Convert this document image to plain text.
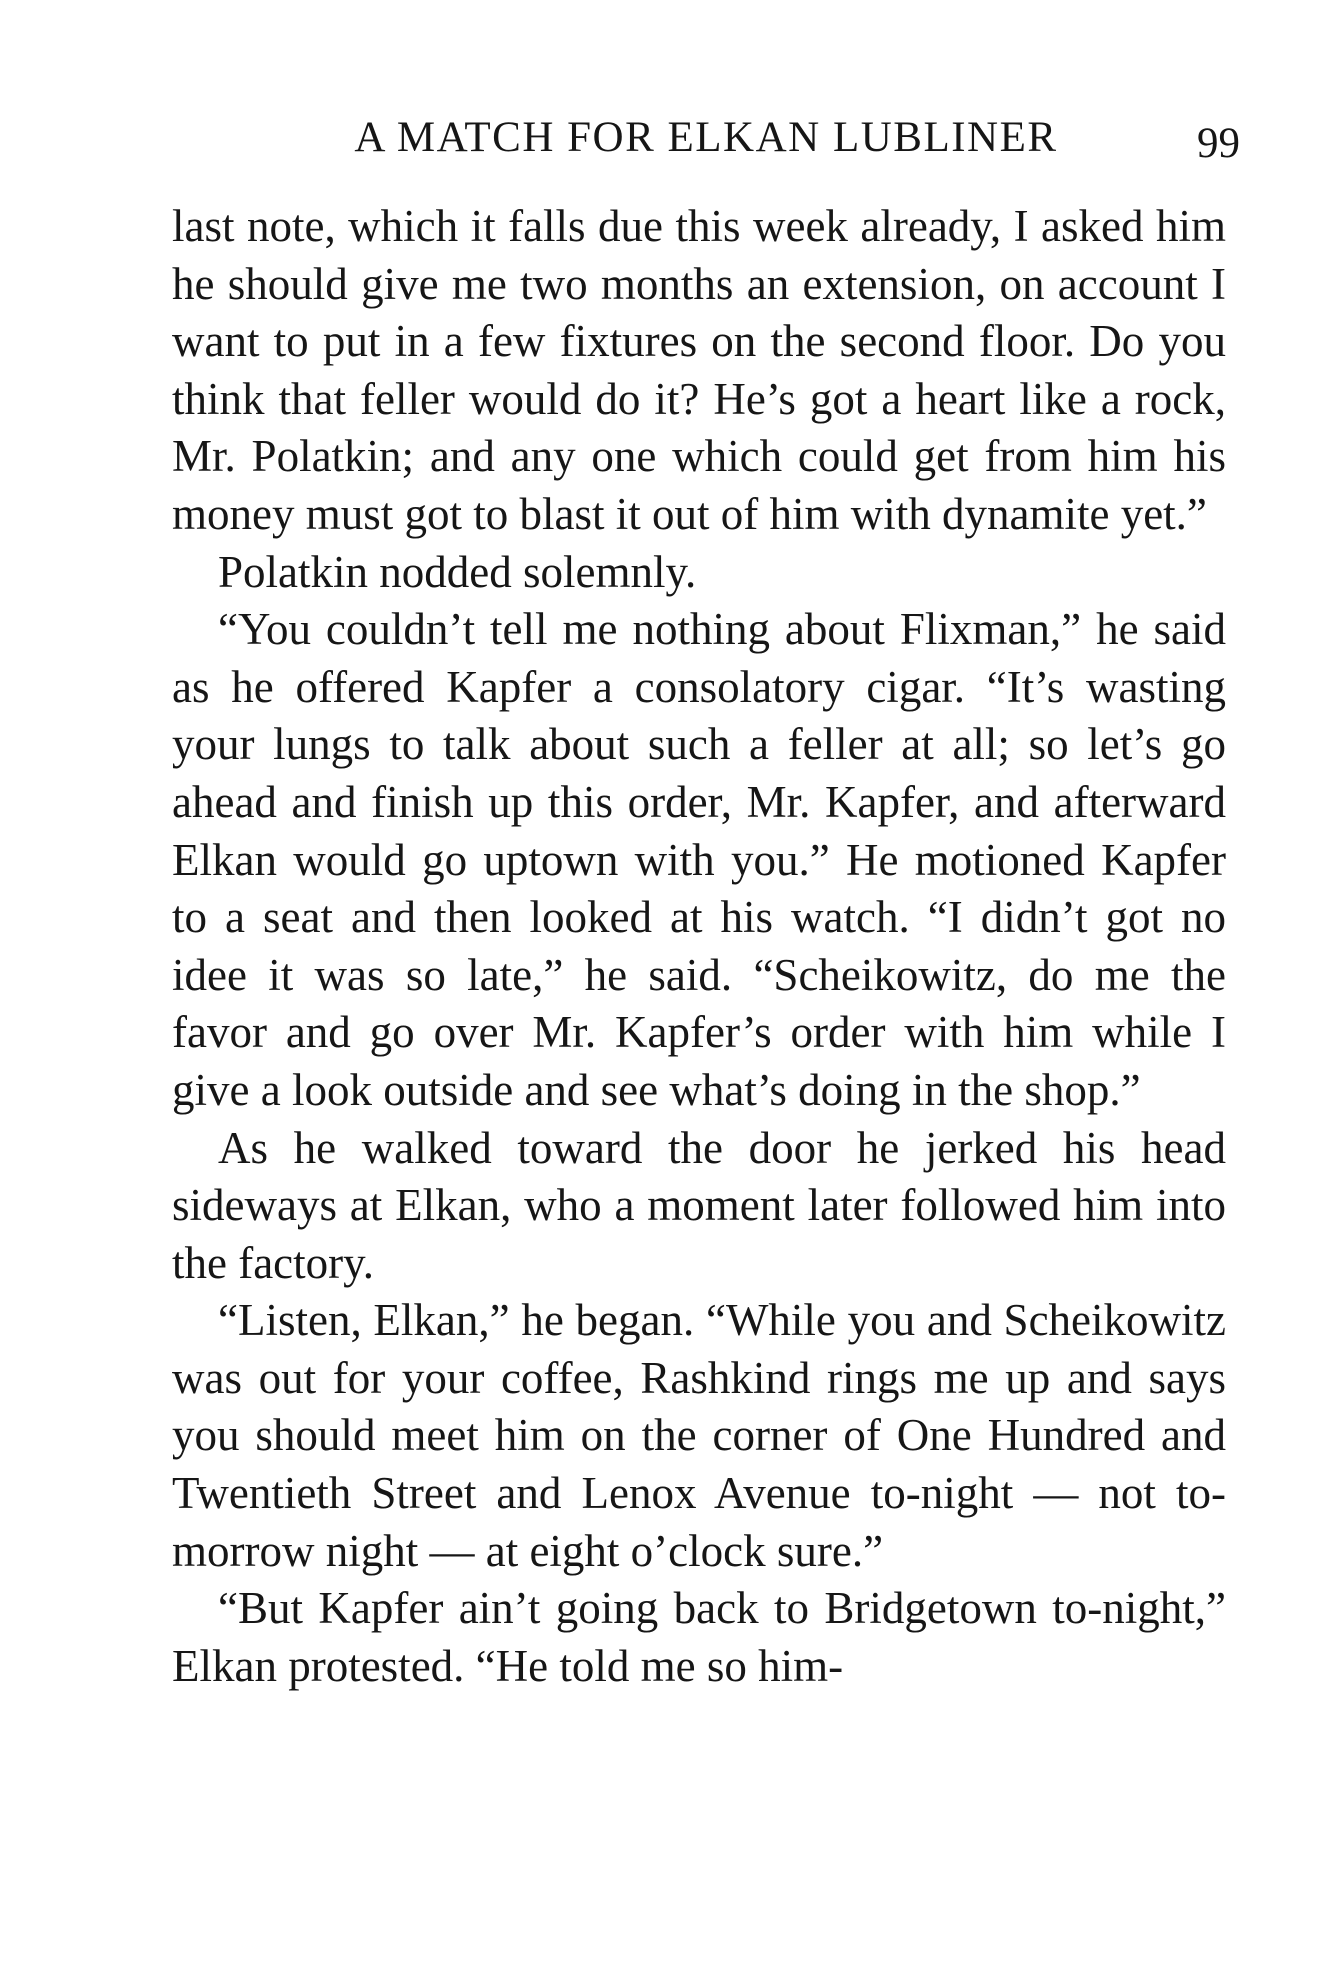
A MATCH FOR ELKAN LUBLINER	99

last note, which it falls due this week already, I asked him he should give me two months an extension, on account I want to put in a few fixtures on the second floor. Do you think that feller would do it? He’s got a heart like a rock, Mr. Polatkin; and any one which could get from him his money must got to blast it out of him with dynamite yet.”

Polatkin nodded solemnly.

“You couldn’t tell me nothing about Flixman,” he said as he offered Kapfer a consolatory cigar. “It’s wasting your lungs to talk about such a feller at all; so let’s go ahead and finish up this order, Mr. Kapfer, and afterward Elkan would go uptown with you.” He motioned Kapfer to a seat and then looked at his watch. “I didn’t got no idee it was so late,” he said. “Scheikowitz, do me the favor and go over Mr. Kapfer’s order with him while I give a look outside and see what’s doing in the shop.”

As he walked toward the door he jerked his head sideways at Elkan, who a moment later followed him into the factory.

“Listen, Elkan,” he began. “While you and Scheikowitz was out for your coffee, Rashkind rings me up and says you should meet him on the corner of One Hundred and Twentieth Street and Lenox Avenue to-night — not to-morrow night — at eight o’clock sure.”

“But Kapfer ain’t going back to Bridgetown to-night,” Elkan protested. “He told me so him-
